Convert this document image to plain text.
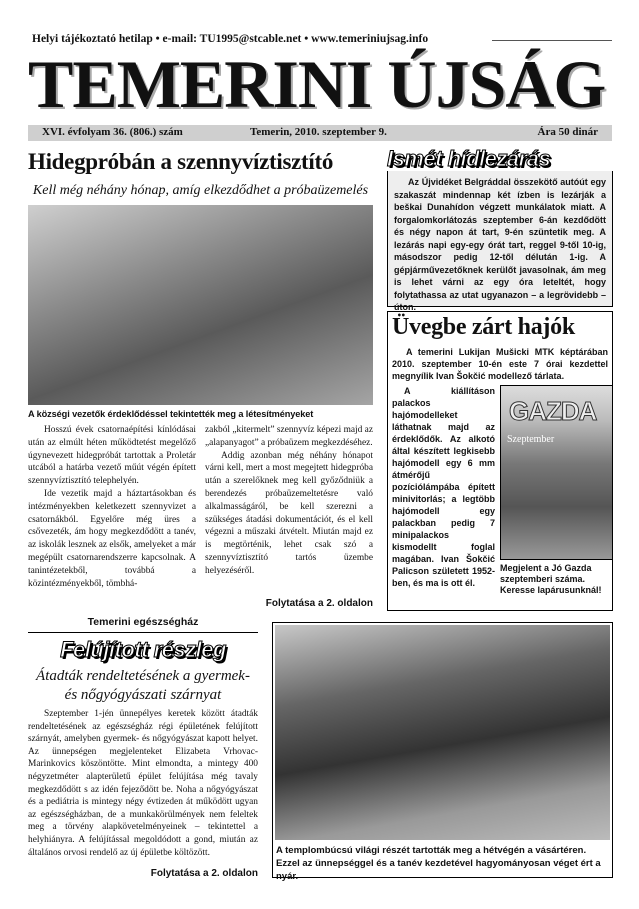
Helyi tájékoztató hetilap • e-mail: TU1995@stcable.net • www.temeriniujsag.info
TEMERINI ÚJSÁG
XVI. évfolyam 36. (806.) szám	Temerin, 2010. szeptember 9.	Ára 50 dinár
Hidegpróbán a szennyvíztisztító
Kell még néhány hónap, amíg elkezdődhet a próbaüzemelés
A községi vezetők érdeklődéssel tekintették meg a létesítményeket

Hosszú évek csatornaépítési kínlódásai után az elmúlt héten működtetést megelőző úgynevezett hidegpróbát tartottak a Proletár utcából a határba vezető műút végén épített szennyvíztisztító telephelyén.

Ide vezetik majd a háztartásokban és intézményekben keletkezett szennyvizet a csatornákból. Egyelőre még üres a csővezeték, ám hogy megkezdődött a tanév, az iskolák lesznek az elsők, amelyeket a már megépült csatornarendszerre kapcsolnak. A tanintézetekből, továbbá a közintézményekből, tömbhá-

zakból „kitermelt” szennyvíz képezi majd az „alapanyagot” a próbaüzem megkezdéséhez.

Addig azonban még néhány hónapot várni kell, mert a most megejtett hidegpróba után a szerelőknek meg kell győződniük a berendezés próbaüzemeltetésre való alkalmasságáról, be kell szerezni a szükséges átadási dokumentációt, és el kell végezni a műszaki átvételt. Miután majd ez is megtörténik, lehet csak szó a szennyvíztisztító tartós üzembe helyezéséről.

Folytatása a 2. oldalon
Ismét hídlezárás

Az Újvidéket Belgráddal összekötő autóút egy szakaszát mindennap két ízben is lezárják a beškai Dunahídon végzett munkálatok miatt. A forgalomkorlátozás szeptember 6-án kezdődött és négy napon át tart, 9-én szüntetik meg. A lezárás napi egy-egy órát tart, reggel 9-től 10-ig, másodszor pedig 12-től délután 1-ig. A gépjárművezetőknek kerülőt javasolnak, ám meg is lehet várni az egy óra leteltét, hogy folytathassa az utat ugyanazon – a legrövidebb – úton.

Üvegbe zárt hajók
A temerini Lukijan Mušicki MTK képtárában 2010. szeptember 10-én este 7 órai kezdettel megnyílik Ivan Šokčić modellező tárlata.
A kiállításon palackos hajómodelleket láthatnak majd az érdeklődők. Az alkotó által készített legkisebb hajómodell egy 6 mm átmérőjű pozíciólámpába épített minivitorlás; a legtöbb hajómodell egy palackban pedig 7 minipalackos kismodellt foglal magában. Ivan Šokčić Palicson született 1952-ben, és ma is ott él.
GAZDA
Szeptember
Megjelent a Jó Gazda szeptemberi száma. Keresse lapárusunknál!
Temerini egészségház
Felújított részleg
Átadták rendeltetésének a gyermek- és nőgyógyászati szárnyat

Szeptember 1-jén ünnepélyes keretek között átadták rendeltetésének az egészségház régi épületének felújított szárnyát, amelyben gyermek- és nőgyógyászat kapott helyet. Az ünnepségen megjelenteket Elizabeta Vrhovac-Marinkovics köszöntötte. Mint elmondta, a mintegy 400 négyzetméter alapterületű épület felújítása még tavaly megkezdődött s az idén fejeződött be. Noha a nőgyógyászat és a pediátria is mintegy négy évtizeden át működött ugyan az egészségházban, de a munkakörülmények nem feleltek meg a törvény alapkövetelményeinek – tekintettel a helyhiányra. A felújítással megoldódott a gond, miután az általános orvosi rendelő az új épületbe költözött.

Folytatása a 2. oldalon
A templombúcsú világi részét tartották meg a hétvégén a vásártéren. Ezzel az ünnepséggel és a tanév kezdetével hagyományosan véget ért a nyár.
